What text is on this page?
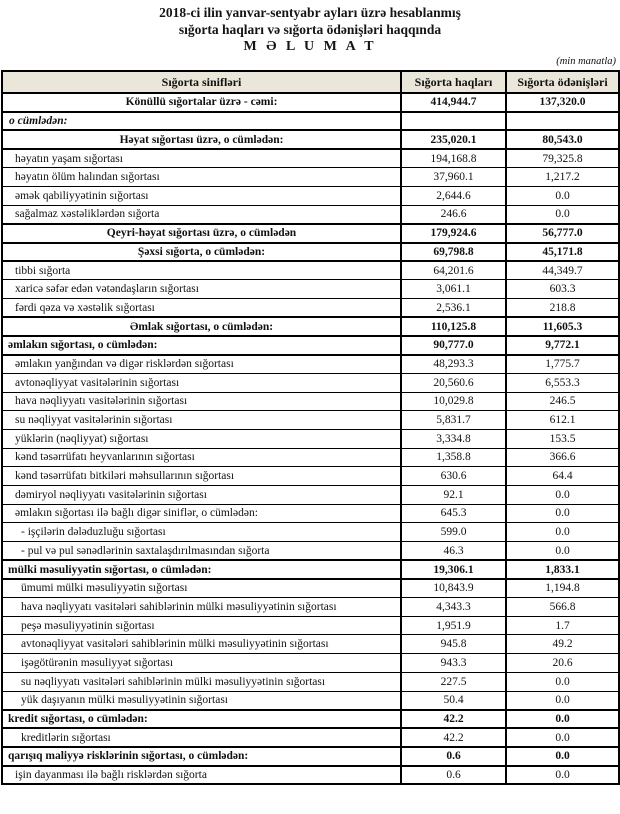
2018-ci ilin yanvar-sentyabr ayları üzrə hesablanmış
sığorta haqları və sığorta ödənişləri haqqında
M Ə L U M A T
(min manatla)
Sığorta sinifləri	Sığorta haqları	Sığorta ödənişləri
Könüllü sığortalar üzrə - cəmi:	414,944.7	137,320.0
o cümlədən:		
Həyat sığortası üzrə, o cümlədən:	235,020.1	80,543.0
həyatın yaşam sığortası	194,168.8	79,325.8
həyatın ölüm halından sığortası	37,960.1	1,217.2
əmək qabiliyyətinin sığortası	2,644.6	0.0
sağalmaz xəstəliklərdən sığorta	246.6	0.0
Qeyri-həyat sığortası üzrə, o cümlədən	179,924.6	56,777.0
Şəxsi sığorta, o cümlədən:	69,798.8	45,171.8
tibbi sığorta	64,201.6	44,349.7
xaricə səfər edən vətəndaşların sığortası	3,061.1	603.3
fərdi qəza və xəstəlik sığortası	2,536.1	218.8
Əmlak sığortası, o cümlədən:	110,125.8	11,605.3
əmlakın sığortası, o cümlədən:	90,777.0	9,772.1
əmlakın yanğından və digər risklərdən sığortası	48,293.3	1,775.7
avtonəqliyyat vasitələrinin sığortası	20,560.6	6,553.3
hava nəqliyyatı vasitələrinin sığortası	10,029.8	246.5
su nəqliyyat vasitələrinin sığortası	5,831.7	612.1
yüklərin (nəqliyyat) sığortası	3,334.8	153.5
kənd təsərrüfatı heyvanlarının sığortası	1,358.8	366.6
kənd təsərrüfatı bitkiləri məhsullarının sığortası	630.6	64.4
dəmiryol nəqliyyatı vasitələrinin sığortası	92.1	0.0
əmlakın sığortası ilə bağlı digər siniflər, o cümlədən:	645.3	0.0
- işçilərin dələduzluğu sığortası	599.0	0.0
- pul və pul sənədlərinin saxtalaşdırılmasından sığorta	46.3	0.0
mülki məsuliyyətin sığortası, o cümlədən:	19,306.1	1,833.1
ümumi mülki məsuliyyətin sığortası	10,843.9	1,194.8
hava nəqliyyatı vasitələri sahiblərinin mülki məsuliyyətinin sığortası	4,343.3	566.8
peşə məsuliyyətinin sığortası	1,951.9	1.7
avtonəqliyyat vasitələri sahiblərinin mülki məsuliyyətinin sığortası	945.8	49.2
işəgötürənin məsuliyyət sığortası	943.3	20.6
su nəqliyyatı vasitələri sahiblərinin mülki məsuliyyətinin sığortası	227.5	0.0
yük daşıyanın mülki məsuliyyətinin sığortası	50.4	0.0
kredit sığortası, o cümlədən:	42.2	0.0
kreditlərin sığortası	42.2	0.0
qarışıq maliyyə risklərinin sığortası, o cümlədən:	0.6	0.0
işin dayanması ilə bağlı risklərdən sığorta	0.6	0.0
